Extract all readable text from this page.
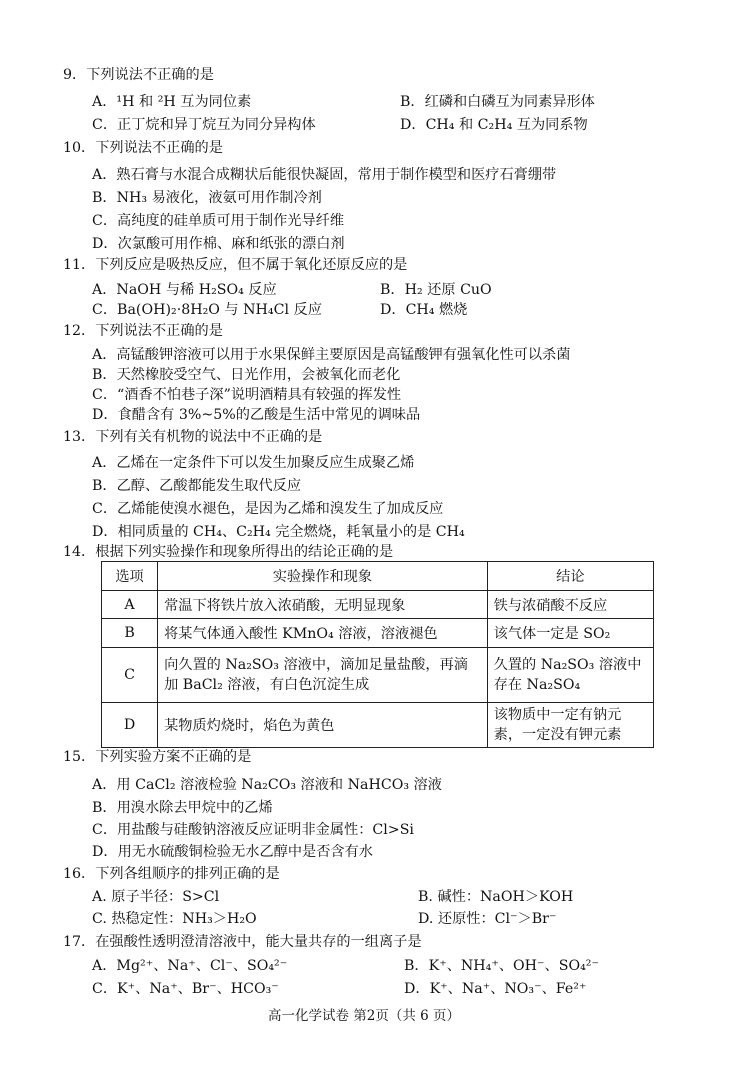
9．下列说法不正确的是
A．¹H 和 ²H 互为同位素	B．红磷和白磷互为同素异形体
C．正丁烷和异丁烷互为同分异构体	D．CH₄ 和 C₂H₄ 互为同系物
10．下列说法不正确的是
A．熟石膏与水混合成糊状后能很快凝固，常用于制作模型和医疗石膏绷带
B．NH₃ 易液化，液氨可用作制冷剂
C．高纯度的硅单质可用于制作光导纤维
D．次氯酸可用作棉、麻和纸张的漂白剂
11．下列反应是吸热反应，但不属于氧化还原反应的是
A．NaOH 与稀 H₂SO₄ 反应	B．H₂ 还原 CuO
C．Ba(OH)₂·8H₂O 与 NH₄Cl 反应	D．CH₄ 燃烧
12．下列说法不正确的是
A．高锰酸钾溶液可以用于水果保鲜主要原因是高锰酸钾有强氧化性可以杀菌
B．天然橡胶受空气、日光作用，会被氧化而老化
C．“酒香不怕巷子深”说明酒精具有较强的挥发性
D．食醋含有 3%~5%的乙酸是生活中常见的调味品
13．下列有关有机物的说法中不正确的是
A．乙烯在一定条件下可以发生加聚反应生成聚乙烯
B．乙醇、乙酸都能发生取代反应
C．乙烯能使溴水褪色，是因为乙烯和溴发生了加成反应
D．相同质量的 CH₄、C₂H₄ 完全燃烧，耗氧量小的是 CH₄
14．根据下列实验操作和现象所得出的结论正确的是
选项	实验操作和现象	结论
A	常温下将铁片放入浓硝酸，无明显现象	铁与浓硝酸不反应
B	将某气体通入酸性 KMnO₄ 溶液，溶液褪色	该气体一定是 SO₂
C	向久置的 Na₂SO₃ 溶液中，滴加足量盐酸，再滴加 BaCl₂ 溶液，有白色沉淀生成	久置的 Na₂SO₃ 溶液中存在 Na₂SO₄
D	某物质灼烧时，焰色为黄色	该物质中一定有钠元素，一定没有钾元素
15．下列实验方案不正确的是
A．用 CaCl₂ 溶液检验 Na₂CO₃ 溶液和 NaHCO₃ 溶液
B．用溴水除去甲烷中的乙烯
C．用盐酸与硅酸钠溶液反应证明非金属性：Cl>Si
D．用无水硫酸铜检验无水乙醇中是否含有水
16．下列各组顺序的排列正确的是
A. 原子半径：S>Cl	B. 碱性：NaOH＞KOH
C. 热稳定性：NH₃＞H₂O	D. 还原性：Cl⁻＞Br⁻
17．在强酸性透明澄清溶液中，能大量共存的一组离子是
A．Mg²⁺、Na⁺、Cl⁻、SO₄²⁻	B．K⁺、NH₄⁺、OH⁻、SO₄²⁻
C．K⁺、Na⁺、Br⁻、HCO₃⁻	D．K⁺、Na⁺、NO₃⁻、Fe²⁺
高一化学试卷 第2页（共 6 页）
